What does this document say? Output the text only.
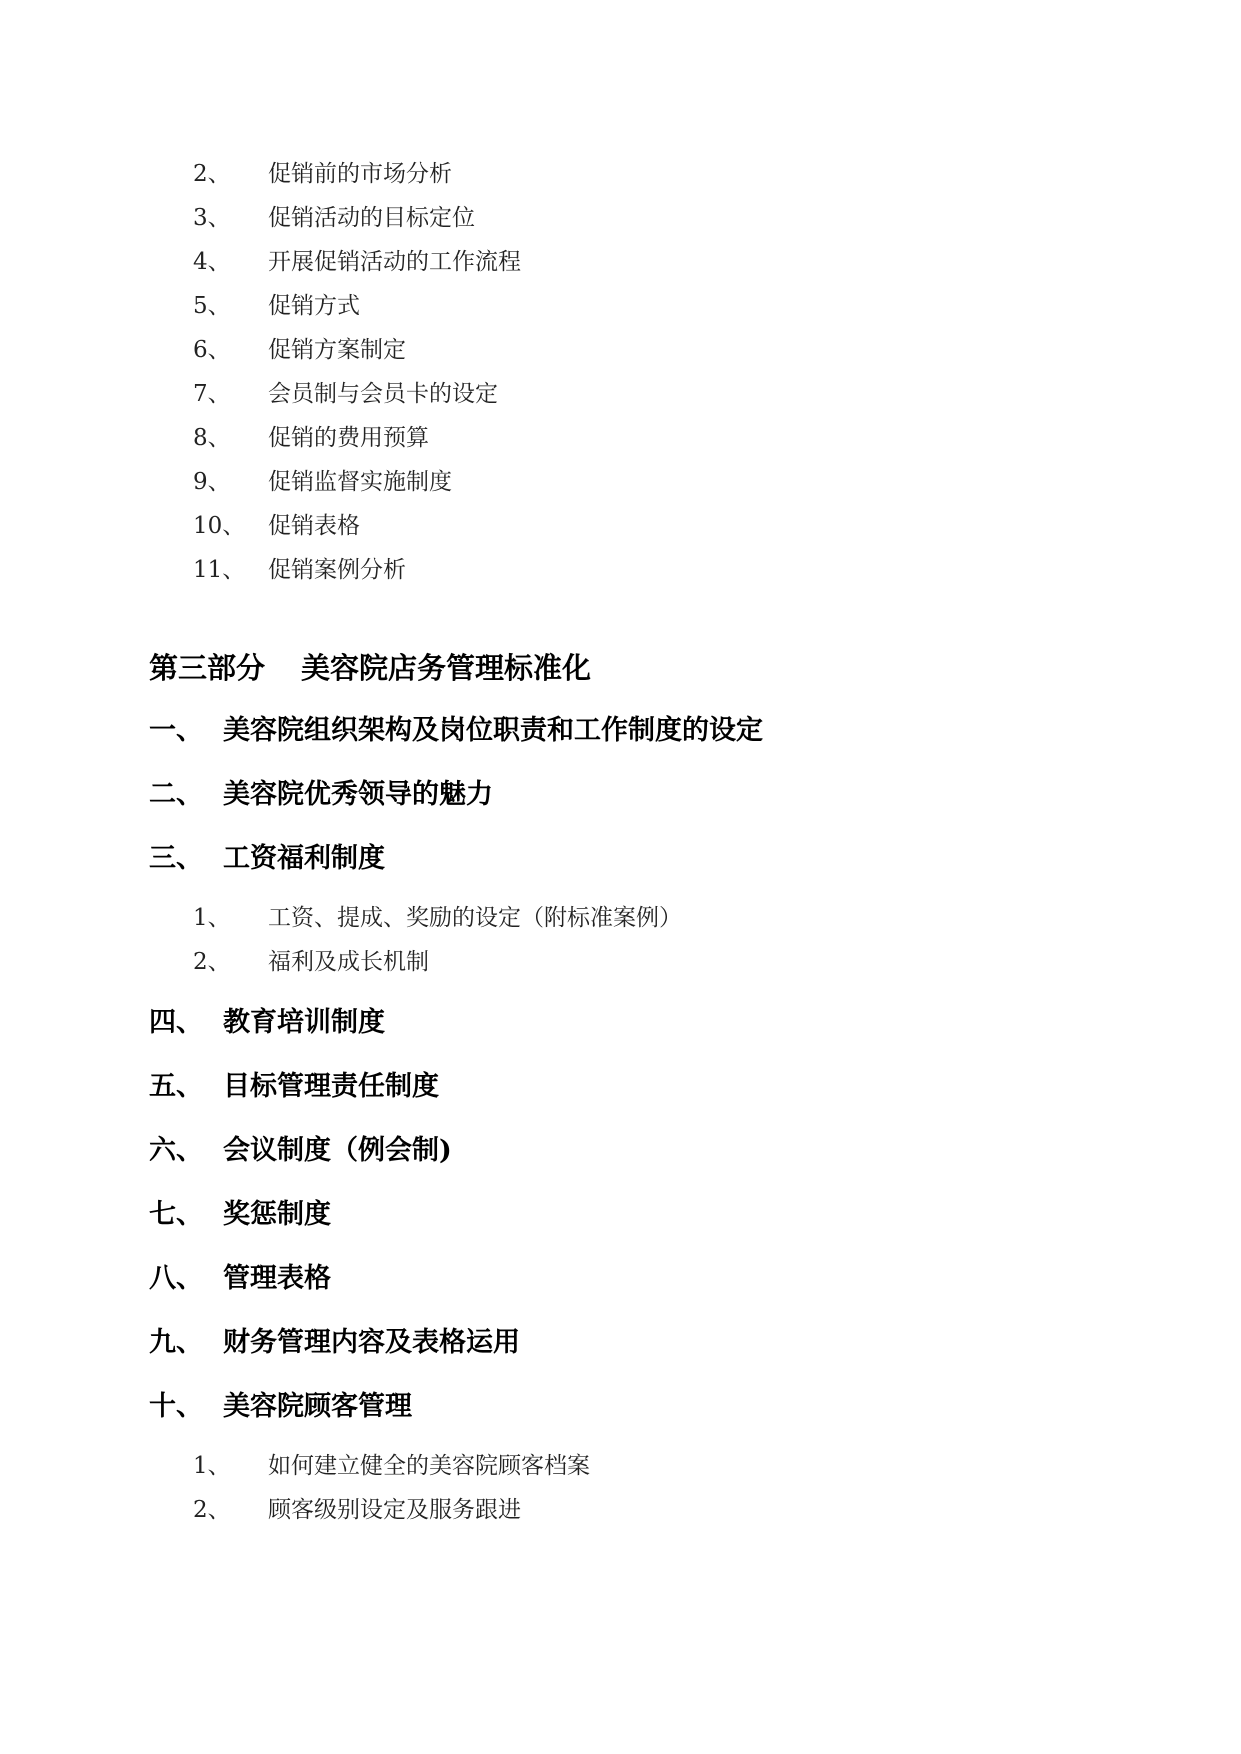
2、 促销前的市场分析
3、 促销活动的目标定位
4、 开展促销活动的工作流程
5、 促销方式
6、 促销方案制定
7、 会员制与会员卡的设定
8、 促销的费用预算
9、 促销监督实施制度
10、 促销表格
11、 促销案例分析
第三部分 美容院店务管理标准化
一、 美容院组织架构及岗位职责和工作制度的设定
二、 美容院优秀领导的魅力
三、 工资福利制度
1、 工资、提成、奖励的设定（附标准案例）
2、 福利及成长机制
四、 教育培训制度
五、 目标管理责任制度
六、 会议制度（例会制)
七、 奖惩制度
八、 管理表格
九、 财务管理内容及表格运用
十、 美容院顾客管理
1、 如何建立健全的美容院顾客档案
2、 顾客级别设定及服务跟进
